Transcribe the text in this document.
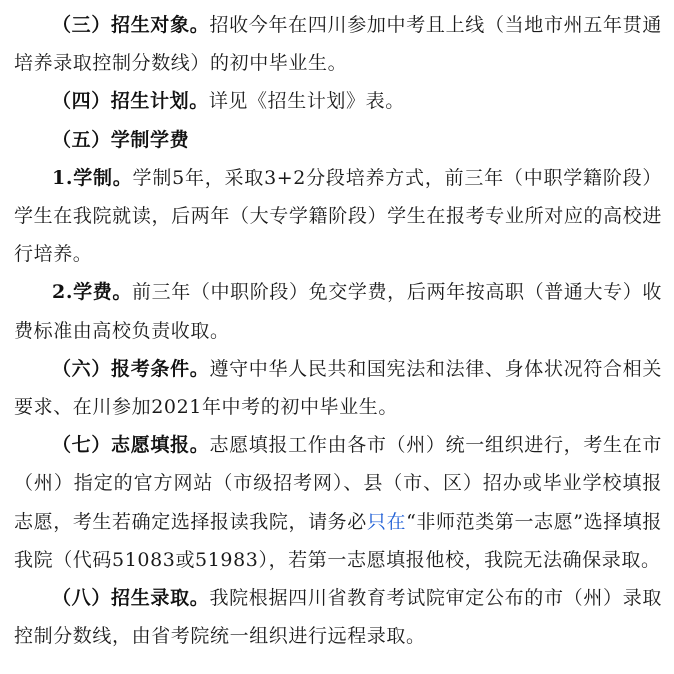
（三）招生对象。招收今年在四川参加中考且上线（当地市州五年贯通培养录取控制分数线）的初中毕业生。

（四）招生计划。详见《招生计划》表。

（五）学制学费

1.学制。学制5年，采取3+2分段培养方式，前三年（中职学籍阶段）学生在我院就读，后两年（大专学籍阶段）学生在报考专业所对应的高校进行培养。

2.学费。前三年（中职阶段）免交学费，后两年按高职（普通大专）收费标准由高校负责收取。

（六）报考条件。遵守中华人民共和国宪法和法律、身体状况符合相关要求、在川参加2021年中考的初中毕业生。

（七）志愿填报。志愿填报工作由各市（州）统一组织进行，考生在市（州）指定的官方网站（市级招考网）、县（市、区）招办或毕业学校填报志愿，考生若确定选择报读我院，请务必只在“非师范类第一志愿”选择填报我院（代码51083或51983），若第一志愿填报他校，我院无法确保录取。

（八）招生录取。我院根据四川省教育考试院审定公布的市（州）录取控制分数线，由省考院统一组织进行远程录取。
